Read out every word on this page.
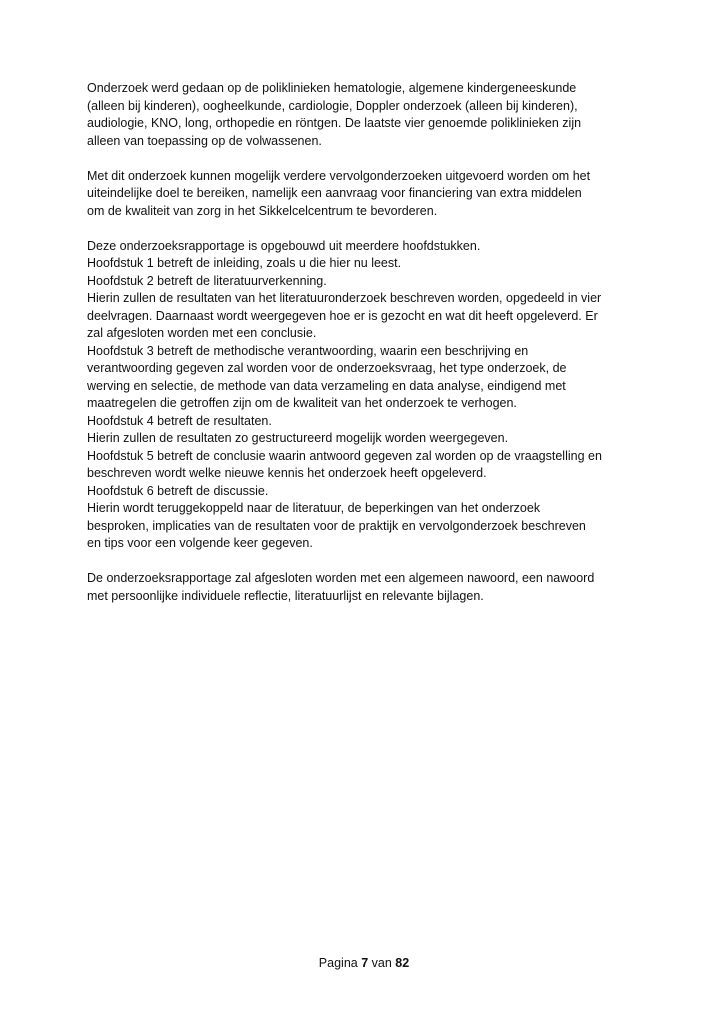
Onderzoek werd gedaan op de poliklinieken hematologie, algemene kindergeneeskunde
(alleen bij kinderen), oogheelkunde, cardiologie, Doppler onderzoek (alleen bij kinderen),
audiologie, KNO, long, orthopedie en röntgen. De laatste vier genoemde poliklinieken zijn
alleen van toepassing op de volwassenen.

Met dit onderzoek kunnen mogelijk verdere vervolgonderzoeken uitgevoerd worden om het
uiteindelijke doel te bereiken, namelijk een aanvraag voor financiering van extra middelen
om de kwaliteit van zorg in het Sikkelcelcentrum te bevorderen.

Deze onderzoeksrapportage is opgebouwd uit meerdere hoofdstukken.
Hoofdstuk 1 betreft de inleiding, zoals u die hier nu leest.
Hoofdstuk 2 betreft de literatuurverkenning.
Hierin zullen de resultaten van het literatuuronderzoek beschreven worden, opgedeeld in vier
deelvragen. Daarnaast wordt weergegeven hoe er is gezocht en wat dit heeft opgeleverd. Er
zal afgesloten worden met een conclusie.
Hoofdstuk 3 betreft de methodische verantwoording, waarin een beschrijving en
verantwoording gegeven zal worden voor de onderzoeksvraag, het type onderzoek, de
werving en selectie, de methode van data verzameling en data analyse, eindigend met
maatregelen die getroffen zijn om de kwaliteit van het onderzoek te verhogen.
Hoofdstuk 4 betreft de resultaten.
Hierin zullen de resultaten zo gestructureerd mogelijk worden weergegeven.
Hoofdstuk 5 betreft de conclusie waarin antwoord gegeven zal worden op de vraagstelling en
beschreven wordt welke nieuwe kennis het onderzoek heeft opgeleverd.
Hoofdstuk 6 betreft de discussie.
Hierin wordt teruggekoppeld naar de literatuur, de beperkingen van het onderzoek
besproken, implicaties van de resultaten voor de praktijk en vervolgonderzoek beschreven
en tips voor een volgende keer gegeven.

De onderzoeksrapportage zal afgesloten worden met een algemeen nawoord, een nawoord
met persoonlijke individuele reflectie, literatuurlijst en relevante bijlagen.

Pagina 7 van 82
